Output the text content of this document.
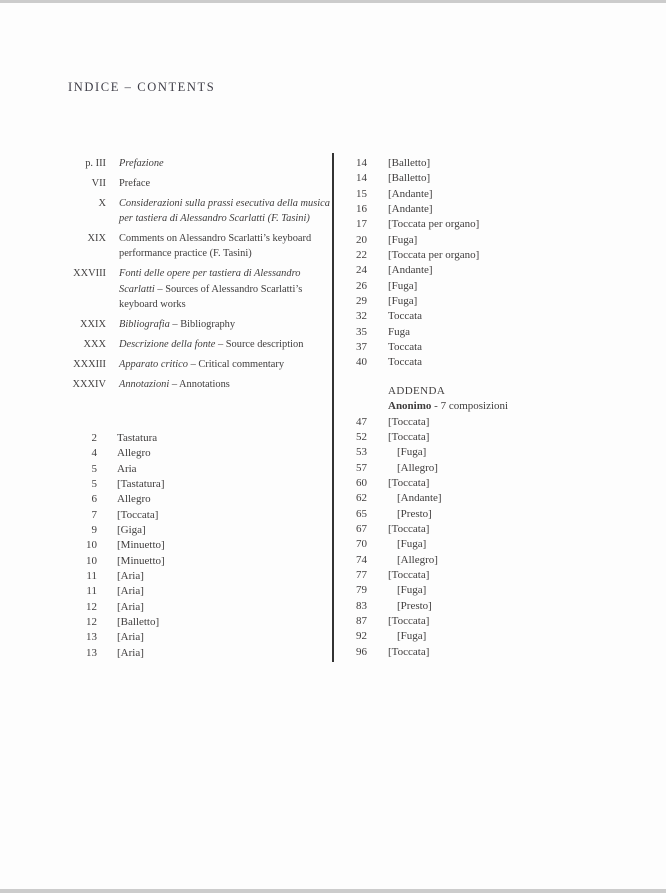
INDICE – CONTENTS
p. III Prefazione
VII Preface
X Considerazioni sulla prassi esecutiva della musica per tastiera di Alessandro Scarlatti (F. Tasini)
XIX Comments on Alessandro Scarlatti’s keyboard performance practice (F. Tasini)
XXVIII Fonti delle opere per tastiera di Alessandro Scarlatti – Sources of Alessandro Scarlatti’s keyboard works
XXIX Bibliografia – Bibliography
XXX Descrizione della fonte – Source description
XXXIII Apparato critico – Critical commentary
XXXIV Annotazioni – Annotations
2 Tastatura
4 Allegro
5 Aria
5 [Tastatura]
6 Allegro
7 [Toccata]
9 [Giga]
10 [Minuetto]
10 [Minuetto]
11 [Aria]
11 [Aria]
12 [Aria]
12 [Balletto]
13 [Aria]
13 [Aria]
14 [Balletto]
14 [Balletto]
15 [Andante]
16 [Andante]
17 [Toccata per organo]
20 [Fuga]
22 [Toccata per organo]
24 [Andante]
26 [Fuga]
29 [Fuga]
32 Toccata
35 Fuga
37 Toccata
40 Toccata
ADDENDA
Anonimo - 7 composizioni
47 [Toccata]
52 [Toccata]
53	[Fuga]
57	[Allegro]
60 [Toccata]
62	[Andante]
65	[Presto]
67 [Toccata]
70	[Fuga]
74	[Allegro]
77 [Toccata]
79	[Fuga]
83	[Presto]
87 [Toccata]
92	[Fuga]
96 [Toccata]
